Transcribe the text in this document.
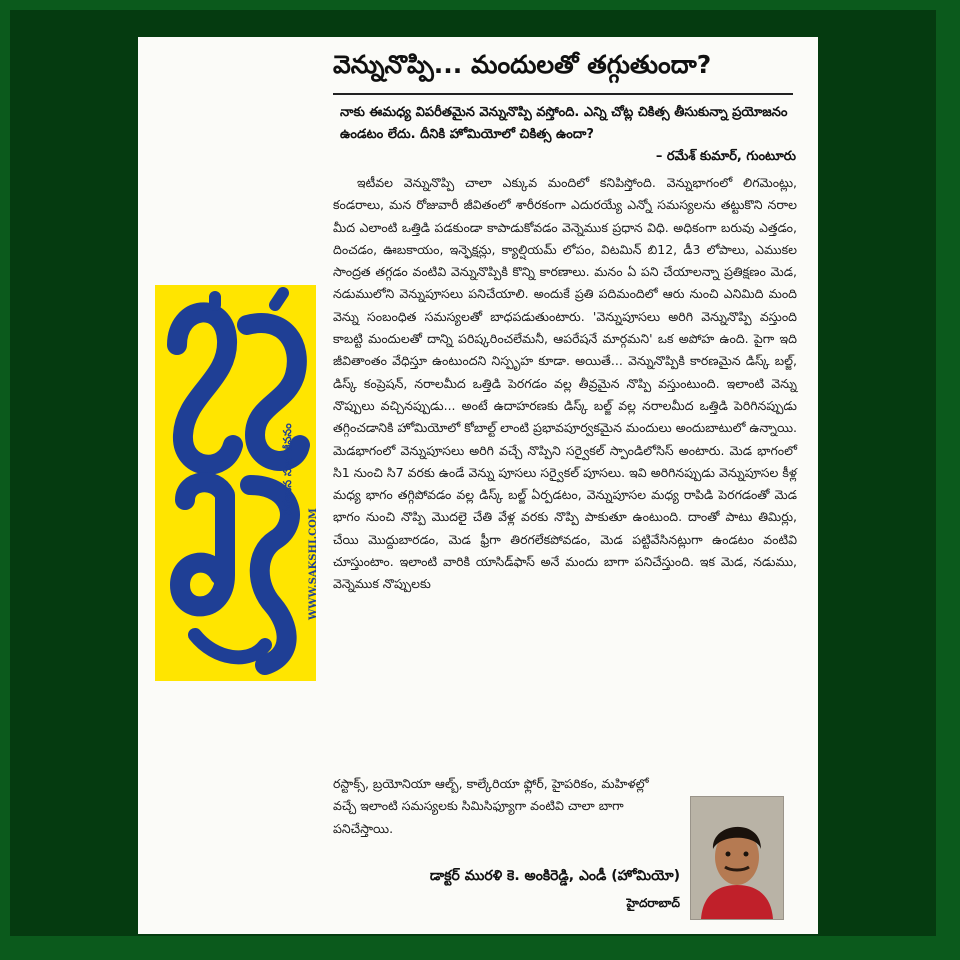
సర్వజన సుఖ జీవనం
WWW.SAKSHI.COM
వెన్నునొప్పి... మందులతో తగ్గుతుందా?
నాకు ఈమధ్య విపరీతమైన వెన్నునొప్పి వస్తోంది. ఎన్ని చోట్ల చికిత్స తీసుకున్నా ప్రయోజనం ఉండటం లేదు. దీనికి హోమియోలో చికిత్స ఉందా?
– రమేశ్ కుమార్, గుంటూరు
ఇటీవల వెన్నునొప్పి చాలా ఎక్కువ మందిలో కనిపిస్తోంది. వెన్నుభాగంలో లిగమెంట్లు, కండరాలు, మన రోజువారీ జీవితంలో శారీరకంగా ఎదురయ్యే ఎన్నో సమస్యలను తట్టుకొని నరాల మీద ఎలాంటి ఒత్తిడి పడకుండా కాపాడుకోవడం వెన్నెముక ప్రధాన విధి. అధికంగా బరువు ఎత్తడం, దించడం, ఊబకాయం, ఇన్ఫెక్షన్లు, క్యాల్షియమ్ లోపం, విటమిన్ బి12, డీ3 లోపాలు, ఎముకల సాంద్రత తగ్గడం వంటివి వెన్నునొప్పికి కొన్ని కారణాలు. మనం ఏ పని చేయాలన్నా ప్రతిక్షణం మెడ, నడుములోని వెన్నుపూసలు పనిచేయాలి. అందుకే ప్రతి పదిమందిలో ఆరు నుంచి ఎనిమిది మంది వెన్ను సంబంధిత సమస్యలతో బాధపడుతుంటారు. 'వెన్నుపూసలు అరిగి వెన్నునొప్పి వస్తుంది కాబట్టి మందులతో దాన్ని పరిష్కరించలేమనీ, ఆపరేషనే మార్గమని' ఒక అపోహ ఉంది. పైగా ఇది జీవితాంతం వేధిస్తూ ఉంటుందని నిస్పృహ కూడా. అయితే... వెన్నునొప్పికి కారణమైన డిస్క్ బల్జ్, డిస్క్ కంప్రెషన్, నరాలమీద ఒత్తిడి పెరగడం వల్ల తీవ్రమైన నొప్పి వస్తుంటుంది. ఇలాంటి వెన్ను నొప్పులు వచ్చినప్పుడు... అంటే ఉదాహరణకు డిస్క్ బల్జ్ వల్ల నరాలమీద ఒత్తిడి పెరిగినప్పుడు తగ్గించడానికి హోమియోలో కోబాల్ట్ లాంటి ప్రభావపూర్వకమైన మందులు అందుబాటులో ఉన్నాయి. మెడభాగంలో వెన్నుపూసలు అరిగి వచ్చే నొప్పిని సర్వైకల్ స్పాండిలోసిస్ అంటారు. మెడ భాగంలో సి1 నుంచి సి7 వరకు ఉండే వెన్ను పూసలు సర్వైకల్ పూసలు. ఇవి అరిగినప్పుడు వెన్నుపూసల కీళ్ల మధ్య భాగం తగ్గిపోవడం వల్ల డిస్క్ బల్జ్ ఏర్పడటం, వెన్నుపూసల మధ్య రాపిడి పెరగడంతో మెడ భాగం నుంచి నొప్పి మొదలై చేతి వేళ్ల వరకు నొప్పి పాకుతూ ఉంటుంది. దాంతో పాటు తిమిర్లు, చేయి మొద్దుబారడం, మెడ ఫ్రీగా తిరగలేకపోవడం, మెడ పట్టివేసినట్లుగా ఉండటం వంటివి చూస్తుంటాం. ఇలాంటి వారికి యాసిడ్‌ఫాస్ అనే మందు బాగా పనిచేస్తుంది. ఇక మెడ, నడుము, వెన్నెముక నొప్పులకు
రస్టాక్స్, బ్రయోనియా ఆల్బ్, కాల్కేరియా ఫ్లోర్, హైపరికం, మహిళల్లో వచ్చే ఇలాంటి సమస్యలకు సిమిసిఫ్యూగా వంటివి చాలా బాగా పనిచేస్తాయి.
డాక్టర్ మురళి కె. అంకిరెడ్డి, ఎండీ (హోమియో)
హైదరాబాద్
